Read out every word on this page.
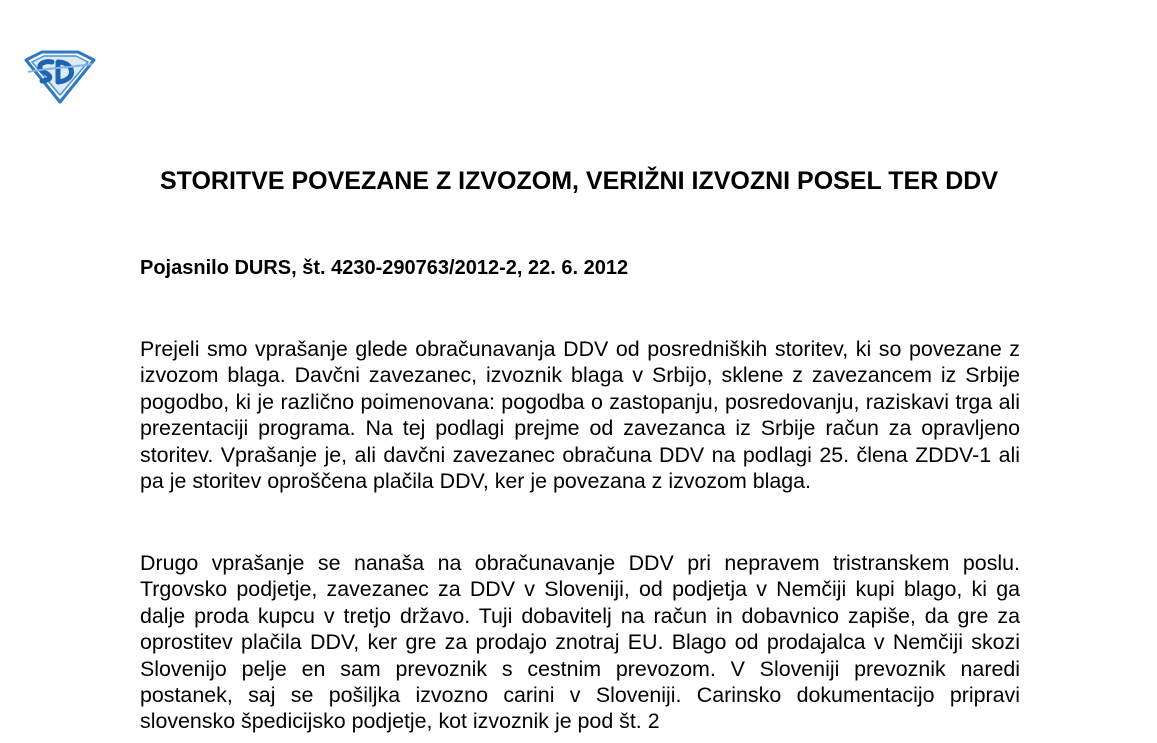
STORITVE POVEZANE Z IZVOZOM, VERIŽNI IZVOZNI POSEL TER DDV

Pojasnilo DURS, št. 4230-290763/2012-2, 22. 6. 2012

Prejeli smo vprašanje glede obračunavanja DDV od posredniških storitev, ki so povezane z izvozom blaga. Davčni zavezanec, izvoznik blaga v Srbijo, sklene z zavezancem iz Srbije pogodbo, ki je različno poimenovana: pogodba o zastopanju, posredovanju, raziskavi trga ali prezentaciji programa. Na tej podlagi prejme od zavezanca iz Srbije račun za opravljeno storitev. Vprašanje je, ali davčni zavezanec obračuna DDV na podlagi 25. člena ZDDV-1 ali pa je storitev oproščena plačila DDV, ker je povezana z izvozom blaga.

Drugo vprašanje se nanaša na obračunavanje DDV pri nepravem tristranskem poslu. Trgovsko podjetje, zavezanec za DDV v Sloveniji, od podjetja v Nemčiji kupi blago, ki ga dalje proda kupcu v tretjo državo. Tuji dobavitelj na račun in dobavnico zapiše, da gre za oprostitev plačila DDV, ker gre za prodajo znotraj EU. Blago od prodajalca v Nemčiji skozi Slovenijo pelje en sam prevoznik s cestnim prevozom. V Sloveniji prevoznik naredi postanek, saj se pošiljka izvozno carini v Sloveniji. Carinsko dokumentacijo pripravi slovensko špedicijsko podjetje, kot izvoznik je pod št. 2
